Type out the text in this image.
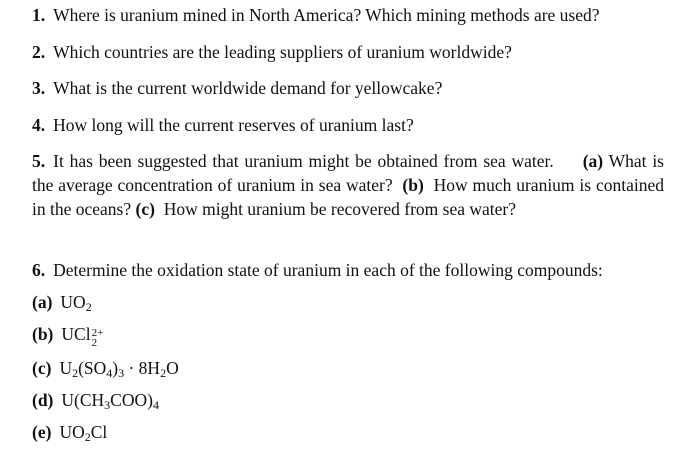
1. Where is uranium mined in North America? Which mining methods are used?
2. Which countries are the leading suppliers of uranium worldwide?
3. What is the current worldwide demand for yellowcake?
4. How long will the current reserves of uranium last?
5. It has been suggested that uranium might be obtained from sea water. (a) What is the average concentration of uranium in sea water? (b) How much uranium is contained in the oceans? (c) How might uranium be recovered from sea water?
6. Determine the oxidation state of uranium in each of the following compounds:
(a) $UO_2$
(b) UCl 2+
2
(c) $U_2(SO_4)_3 \cdot 8H_2O$
(d) $U(CH_3COO)_4$
(e) $UO_2Cl$
